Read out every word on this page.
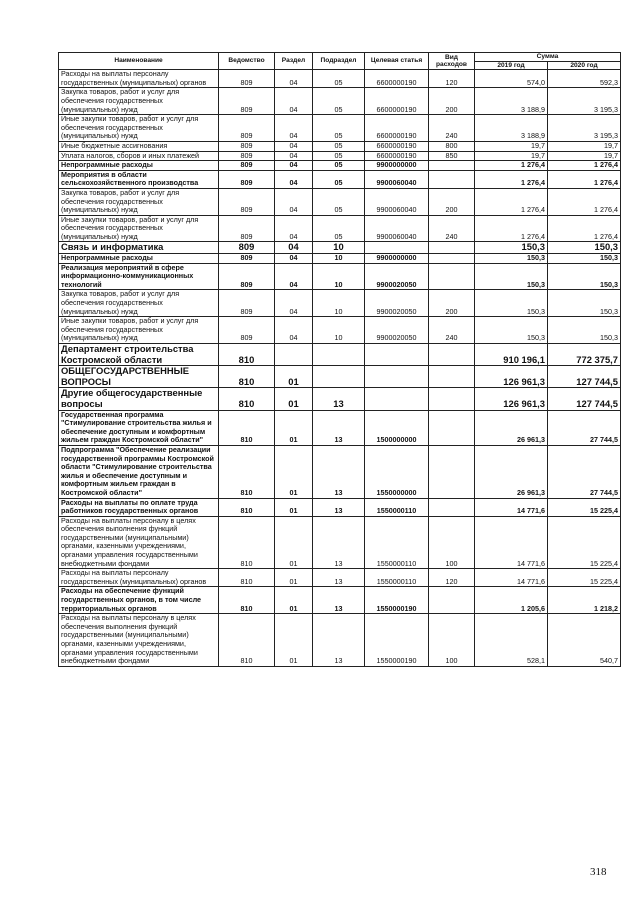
Наименование	Ведомство	Раздел	Подраздел	Целевая статья	Вид расходов	Сумма	
						2019 год	2020 год
Расходы на выплаты персоналу государственных (муниципальных) органов	809	04	05	6600000190	120	574,0	592,3
Закупка товаров, работ и услуг для обеспечения государственных (муниципальных) нужд	809	04	05	6600000190	200	3 188,9	3 195,3
Иные закупки товаров, работ и услуг для обеспечения государственных (муниципальных) нужд	809	04	05	6600000190	240	3 188,9	3 195,3
Иные бюджетные ассигнования	809	04	05	6600000190	800	19,7	19,7
Уплата налогов, сборов и иных платежей	809	04	05	6600000190	850	19,7	19,7
Непрограммные расходы	809	04	05	9900000000		1 276,4	1 276,4
Мероприятия в области сельскохозяйственного производства	809	04	05	9900060040		1 276,4	1 276,4
Закупка товаров, работ и услуг для обеспечения государственных (муниципальных) нужд	809	04	05	9900060040	200	1 276,4	1 276,4
Иные закупки товаров, работ и услуг для обеспечения государственных (муниципальных) нужд	809	04	05	9900060040	240	1 276,4	1 276,4
Связь и информатика	809	04	10			150,3	150,3
Непрограммные расходы	809	04	10	9900000000		150,3	150,3
Реализация мероприятий в сфере информационно-коммуникационных технологий	809	04	10	9900020050		150,3	150,3
Закупка товаров, работ и услуг для обеспечения государственных (муниципальных) нужд	809	04	10	9900020050	200	150,3	150,3
Иные закупки товаров, работ и услуг для обеспечения государственных (муниципальных) нужд	809	04	10	9900020050	240	150,3	150,3
Департамент строительства Костромской области	810					910 196,1	772 375,7
ОБЩЕГОСУДАРСТВЕННЫЕ ВОПРОСЫ	810	01				126 961,3	127 744,5
Другие общегосударственные вопросы	810	01	13			126 961,3	127 744,5
Государственная программа "Стимулирование строительства жилья и обеспечение доступным и комфортным жильем граждан Костромской области"	810	01	13	1500000000		26 961,3	27 744,5
Подпрограмма "Обеспечение реализации государственной программы Костромской области "Стимулирование строительства жилья и обеспечение доступным и комфортным жильем граждан в Костромской области"	810	01	13	1550000000		26 961,3	27 744,5
Расходы на выплаты по оплате труда работников государственных органов	810	01	13	1550000110		14 771,6	15 225,4
Расходы на выплаты персоналу в целях обеспечения выполнения функций государственными (муниципальными) органами, казенными учреждениями, органами управления государственными внебюджетными фондами	810	01	13	1550000110	100	14 771,6	15 225,4
Расходы на выплаты персоналу государственных (муниципальных) органов	810	01	13	1550000110	120	14 771,6	15 225,4
Расходы на обеспечение функций государственных органов, в том числе территориальных органов	810	01	13	1550000190		1 205,6	1 218,2
Расходы на выплаты персоналу в целях обеспечения выполнения функций государственными (муниципальными) органами, казенными учреждениями, органами управления государственными внебюджетными фондами	810	01	13	1550000190	100	528,1	540,7
318
